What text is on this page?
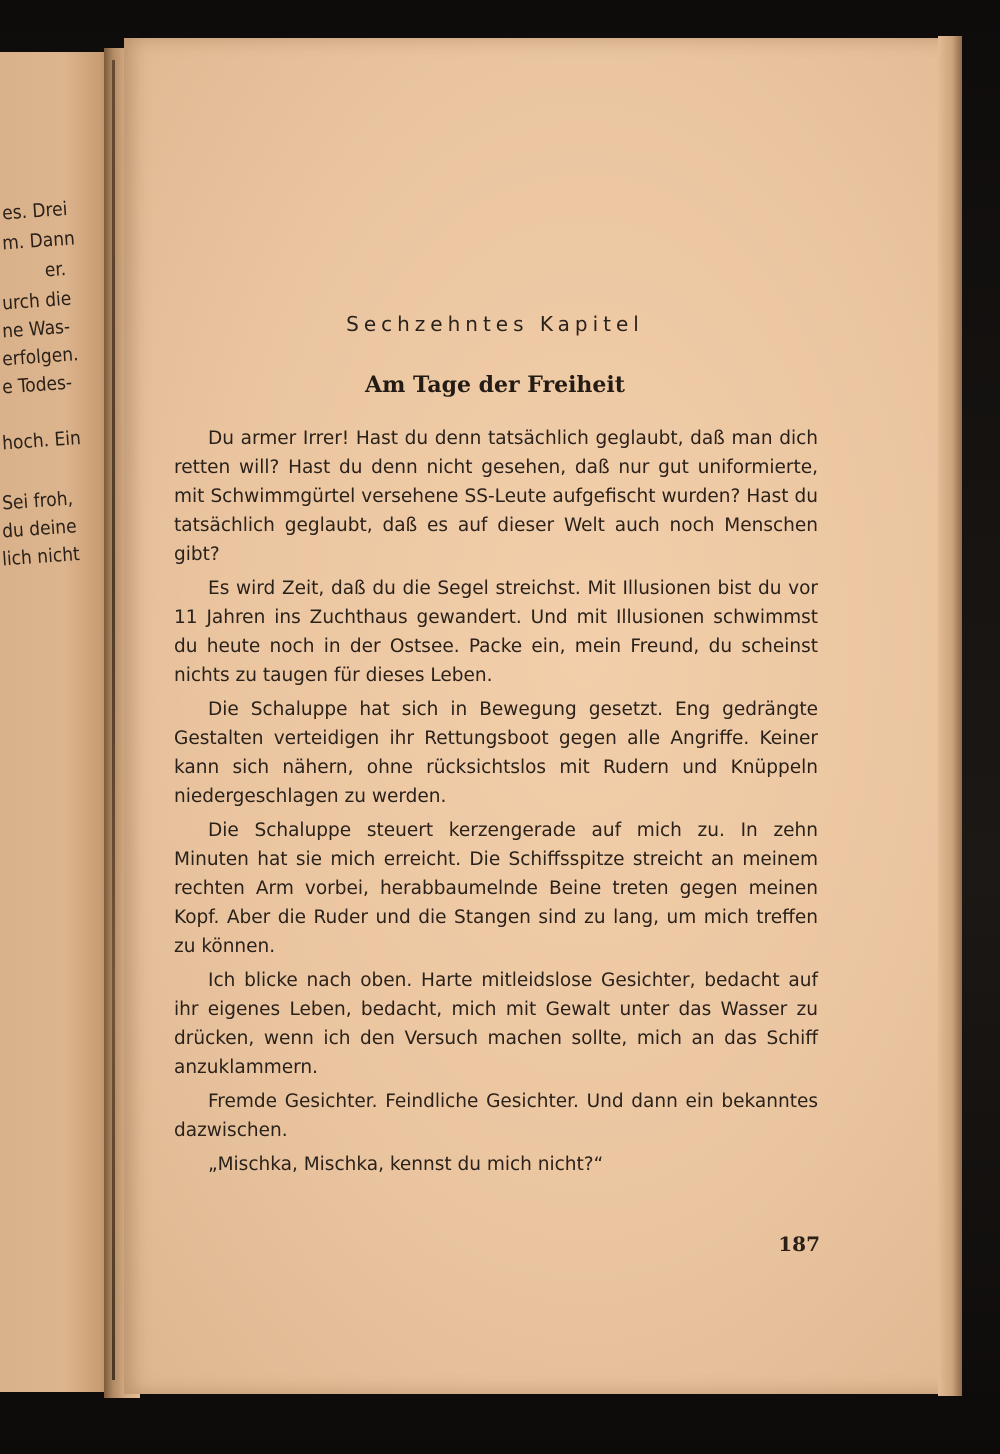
es. Drei
m. Dann
er.
urch die
ne Was-
erfolgen.
e Todes-
hoch. Ein
Sei froh,
du deine
lich nicht
Sechzehntes Kapitel
Am Tage der Freiheit

Du armer Irrer! Hast du denn tatsächlich geglaubt, daß man dich retten will? Hast du denn nicht gesehen, daß nur gut uniformierte, mit Schwimmgürtel versehene SS-Leute aufgefischt wurden? Hast du tatsächlich geglaubt, daß es auf dieser Welt auch noch Menschen gibt?

Es wird Zeit, daß du die Segel streichst. Mit Illusionen bist du vor 11 Jahren ins Zuchthaus gewandert. Und mit Illusionen schwimmst du heute noch in der Ostsee. Packe ein, mein Freund, du scheinst nichts zu taugen für dieses Leben.

Die Schaluppe hat sich in Bewegung gesetzt. Eng gedrängte Gestalten verteidigen ihr Rettungsboot gegen alle Angriffe. Keiner kann sich nähern, ohne rücksichtslos mit Rudern und Knüppeln niedergeschlagen zu werden.

Die Schaluppe steuert kerzengerade auf mich zu. In zehn Minuten hat sie mich erreicht. Die Schiffsspitze streicht an meinem rechten Arm vorbei, herabbaumelnde Beine treten gegen meinen Kopf. Aber die Ruder und die Stangen sind zu lang, um mich treffen zu können.

Ich blicke nach oben. Harte mitleidslose Gesichter, bedacht auf ihr eigenes Leben, bedacht, mich mit Gewalt unter das Wasser zu drücken, wenn ich den Versuch machen sollte, mich an das Schiff anzuklammern.

Fremde Gesichter. Feindliche Gesichter. Und dann ein bekanntes dazwischen.

„Mischka, Mischka, kennst du mich nicht?“

187
